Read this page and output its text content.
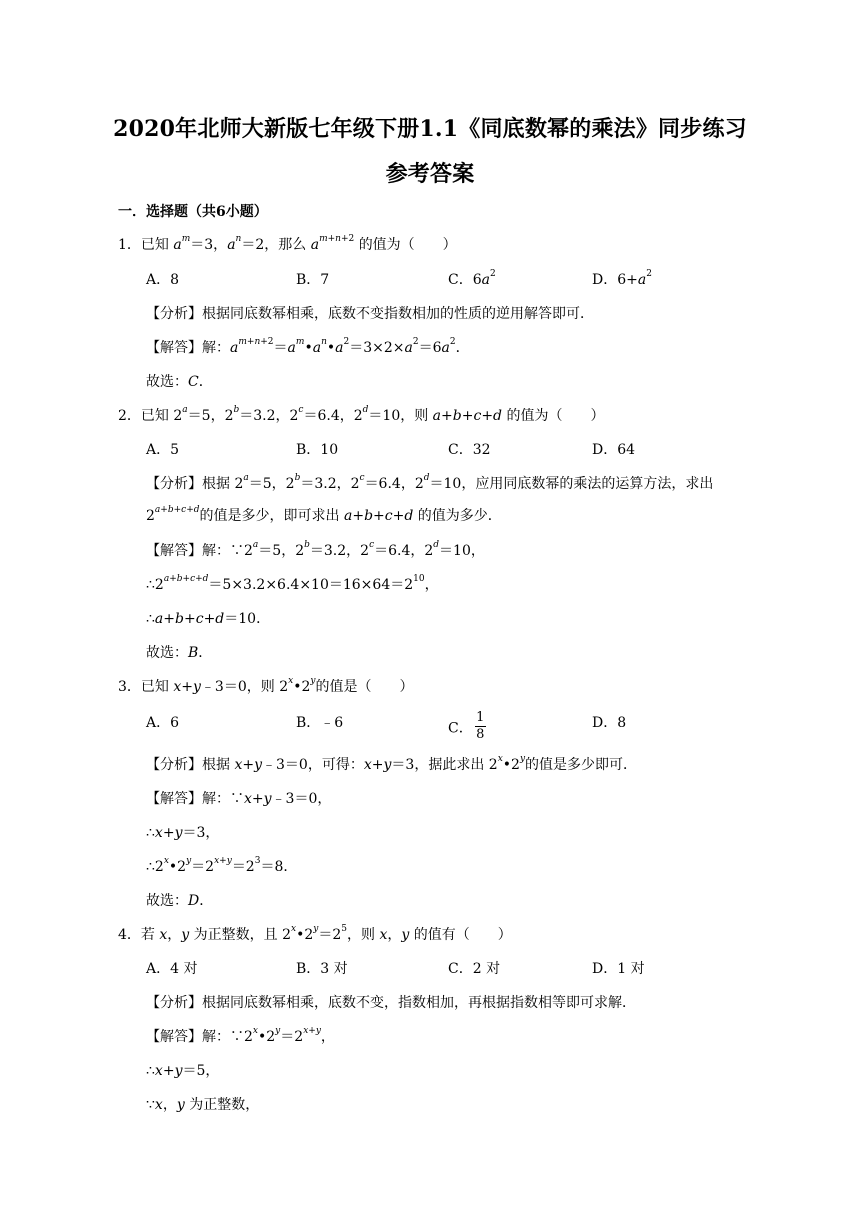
2020年北师大新版七年级下册1.1《同底数幂的乘法》同步练习
参考答案
一．选择题（共6小题）
1．已知 $a^m=3$，$a^n=2$，那么 $a^{m+n+2}$ 的值为（　　）
A．8	B．7	C．$6a^2$	D．$6+a^2$
【分析】根据同底数幂相乘，底数不变指数相加的性质的逆用解答即可．
【解答】解：$a^{m+n+2}=a^m•a^n•a^2=3\times 2\times a^2=6a^2$．
故选：C．
2．已知 $2^a=5$，$2^b=3.2$，$2^c=6.4$，$2^d=10$，则 a+b+c+d 的值为（　　）
A．5	B．10	C．32	D．64
【分析】根据 $2^a=5$，$2^b=3.2$，$2^c=6.4$，$2^d=10$，应用同底数幂的乘法的运算方法，求出
$2^{a+b+c+d}$的值是多少，即可求出 a+b+c+d 的值为多少．
【解答】解：$\because 2^a=5$，$2^b=3.2$，$2^c=6.4$，$2^d=10$，
$\therefore 2^{a+b+c+d}=5\times 3.2\times 6.4\times 10=16\times 64=2^{10}$，
∴a+b+c+d＝10．
故选：B．
3．已知 x+y﹣3＝0，则 2$^x$•2$^y$的值是（　　）
A．6	B．﹣6	C． $\frac{1}{8}$	D．8
【分析】根据 x+y﹣3＝0，可得：x+y＝3，据此求出 2$^x$•2$^y$的值是多少即可．
【解答】解：∵x+y﹣3＝0，
∴x+y＝3，
$\therefore 2^x•2^y=2^{x+y}=2^3=8$．
故选：D．
4．若 x，y 为正整数，且 $2^x•2^y=2^5$，则 x，y 的值有（　　）
A．4 对	B．3 对	C．2 对	D．1 对
【分析】根据同底数幂相乘，底数不变，指数相加，再根据指数相等即可求解．
【解答】解：$\because 2^x•2^y=2^{x+y}$，
∴x+y＝5，
∵x，y 为正整数，
